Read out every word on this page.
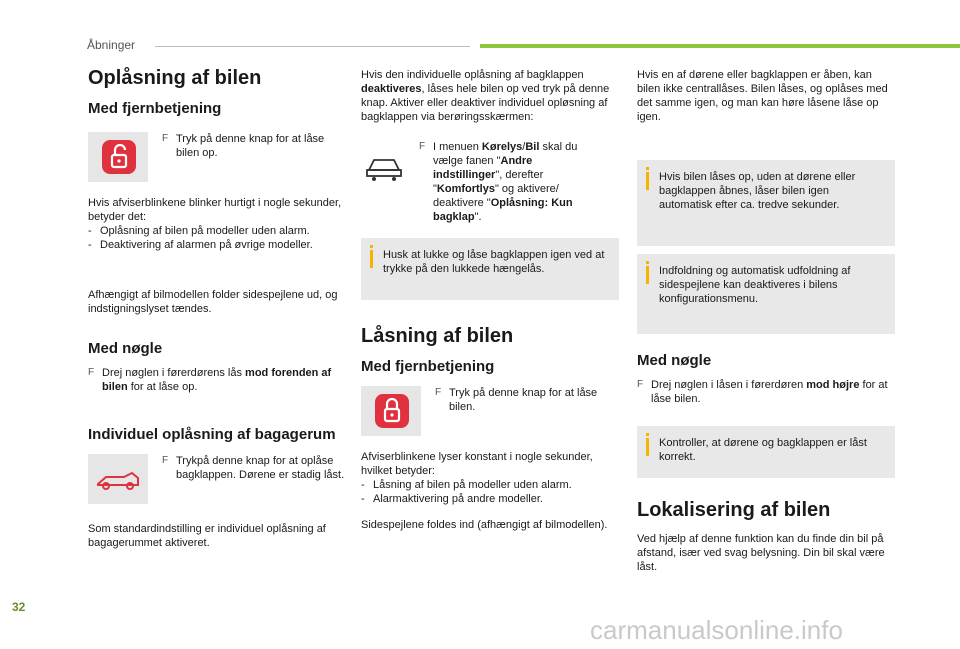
Åbninger
Oplåsning af bilen
Med fjernbetjening
F Tryk på denne knap for at låse bilen op.

Hvis afviserblinkene blinker hurtigt i nogle sekunder, betyder det:

- Oplåsning af bilen på modeller uden alarm.
- Deaktivering af alarmen på øvrige modeller.

Afhængigt af bilmodellen folder sidespejlene ud, og indstigningslyset tændes.

Med nøgle
F Drej nøglen i førerdørens lås mod forenden af bilen for at låse op.
Individuel oplåsning af bagagerum
F Trykpå denne knap for at oplåse bagklappen. Dørene er stadig låst.

Som standardindstilling er individuel oplåsning af bagagerummet aktiveret.

Hvis den individuelle oplåsning af bagklappen deaktiveres, låses hele bilen op ved tryk på denne knap. Aktiver eller deaktiver individuel opløsning af bagklappen via berøringsskærmen:

F I menuen Kørelys/Bil skal du vælge fanen "Andre indstillinger", derefter "Komfortlys" og aktivere/ deaktivere "Oplåsning: Kun bagklap".
Husk at lukke og låse bagklappen igen ved at trykke på den lukkede hængelås.
Låsning af bilen
Med fjernbetjening
F Tryk på denne knap for at låse bilen.

Afviserblinkene lyser konstant i nogle sekunder, hvilket betyder:

- Låsning af bilen på modeller uden alarm.
- Alarmaktivering på andre modeller.

Sidespejlene foldes ind (afhængigt af bilmodellen).

Hvis en af dørene eller bagklappen er åben, kan bilen ikke centrallåses. Bilen låses, og oplåses med det samme igen, og man kan høre låsene låse op igen.

Hvis bilen låses op, uden at dørene eller bagklappen åbnes, låser bilen igen automatisk efter ca. tredve sekunder.
Indfoldning og automatisk udfoldning af sidespejlene kan deaktiveres i bilens konfigurationsmenu.
Med nøgle
F Drej nøglen i låsen i førerdøren mod højre for at låse bilen.
Kontroller, at dørene og bagklappen er låst korrekt.
Lokalisering af bilen

Ved hjælp af denne funktion kan du finde din bil på afstand, især ved svag belysning. Din bil skal være låst.

32
carmanualsonline.info
